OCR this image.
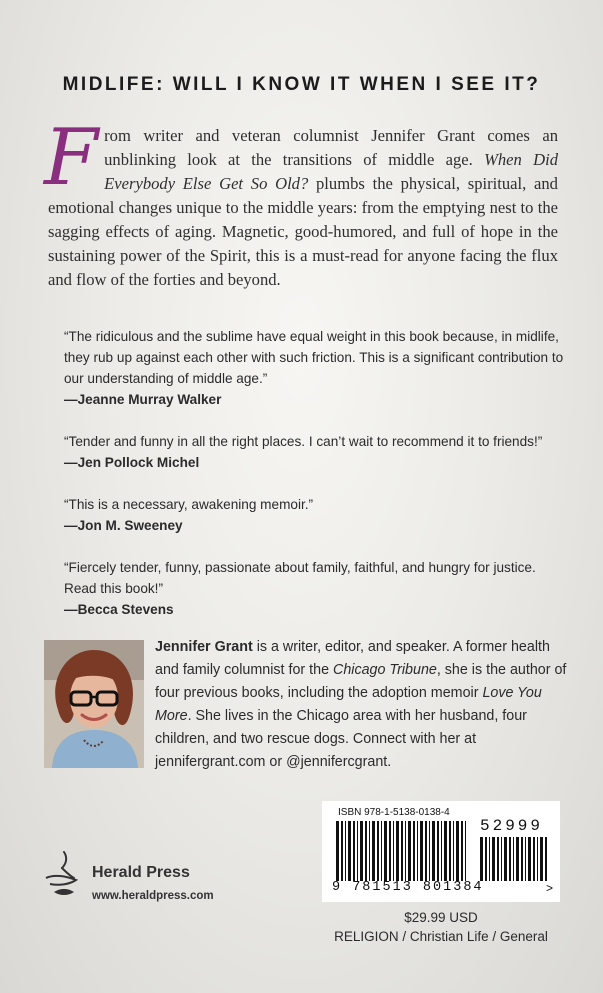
MIDLIFE: WILL I KNOW IT WHEN I SEE IT?
From writer and veteran columnist Jennifer Grant comes an unblinking look at the transitions of middle age. When Did Everybody Else Get So Old? plumbs the physical, spiritual, and emotional changes unique to the middle years: from the emptying nest to the sagging effects of aging. Magnetic, good-humored, and full of hope in the sustaining power of the Spirit, this is a must-read for anyone facing the flux and flow of the forties and beyond.
“The ridiculous and the sublime have equal weight in this book because, in midlife, they rub up against each other with such friction. This is a significant contribution to our understanding of middle age.”
—Jeanne Murray Walker
“Tender and funny in all the right places. I can’t wait to recommend it to friends!”
—Jen Pollock Michel
“This is a necessary, awakening memoir.”
—Jon M. Sweeney
“Fiercely tender, funny, passionate about family, faithful, and hungry for justice. Read this book!”
—Becca Stevens
Jennifer Grant is a writer, editor, and speaker. A former health and family columnist for the Chicago Tribune, she is the author of four previous books, including the adoption memoir Love You More. She lives in the Chicago area with her husband, four children, and two rescue dogs. Connect with her at jennifergrant.com or @jennifercgrant.
Herald Press
www.heraldpress.com
ISBN 978-1-5138-0138-4
52999
9 781513 801384	>
$29.99 USD
RELIGION / Christian Life / General
